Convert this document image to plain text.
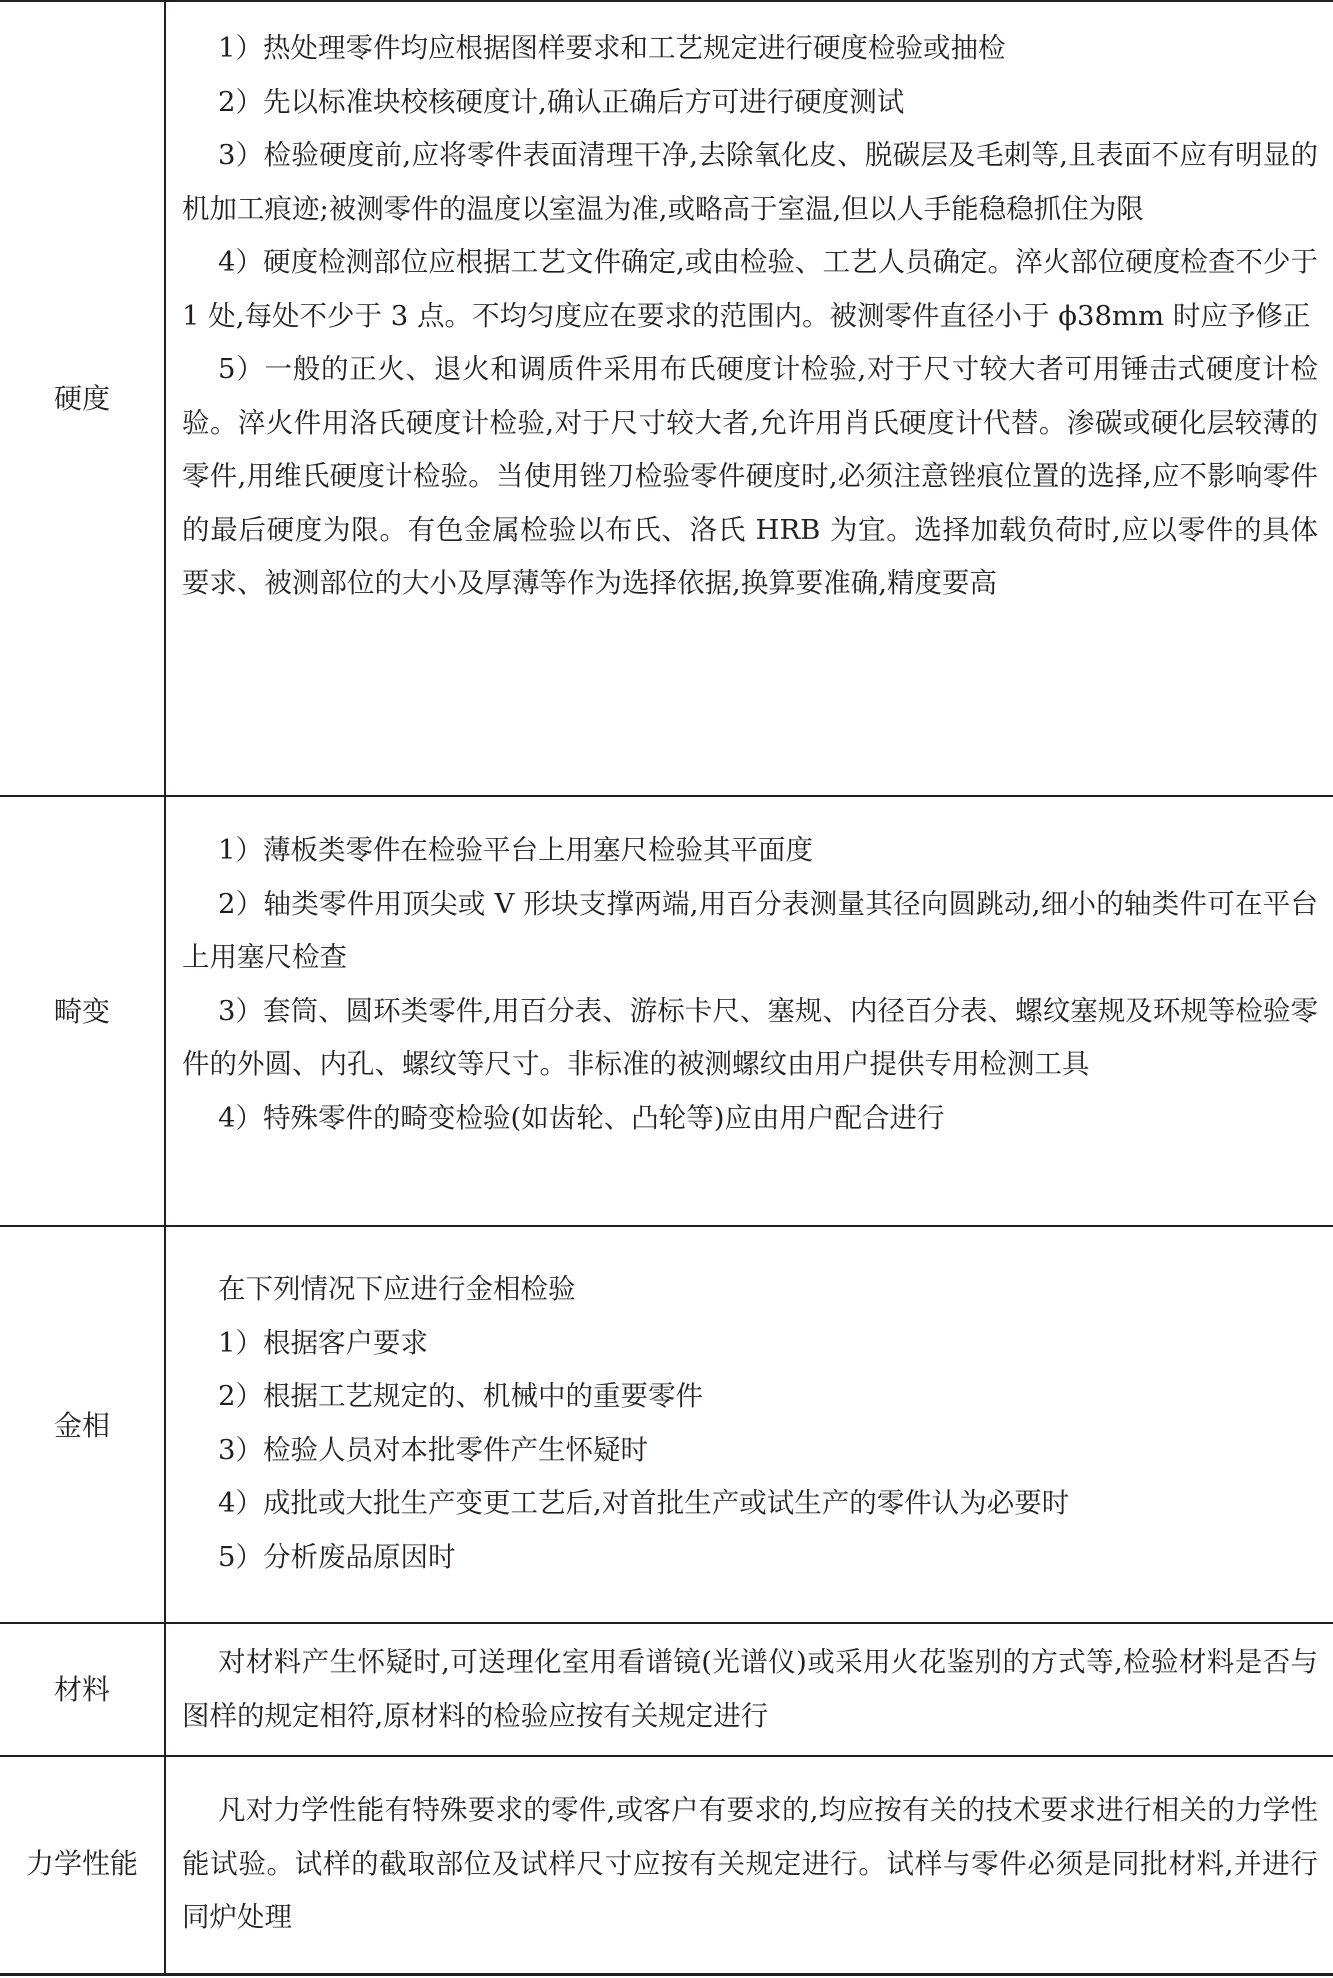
硬度

1）热处理零件均应根据图样要求和工艺规定进行硬度检验或抽检

2）先以标准块校核硬度计,确认正确后方可进行硬度测试

3）检验硬度前,应将零件表面清理干净,去除氧化皮、脱碳层及毛刺等,且表面不应有明显的机加工痕迹;被测零件的温度以室温为准,或略高于室温,但以人手能稳稳抓住为限

4）硬度检测部位应根据工艺文件确定,或由检验、工艺人员确定。淬火部位硬度检查不少于 1 处,每处不少于 3 点。不均匀度应在要求的范围内。被测零件直径小于 ϕ38mm 时应予修正

5）一般的正火、退火和调质件采用布氏硬度计检验,对于尺寸较大者可用锤击式硬度计检验。淬火件用洛氏硬度计检验,对于尺寸较大者,允许用肖氏硬度计代替。渗碳或硬化层较薄的零件,用维氏硬度计检验。当使用锉刀检验零件硬度时,必须注意锉痕位置的选择,应不影响零件的最后硬度为限。有色金属检验以布氏、洛氏 HRB 为宜。选择加载负荷时,应以零件的具体要求、被测部位的大小及厚薄等作为选择依据,换算要准确,精度要高

畸变

1）薄板类零件在检验平台上用塞尺检验其平面度

2）轴类零件用顶尖或 V 形块支撑两端,用百分表测量其径向圆跳动,细小的轴类件可在平台上用塞尺检查

3）套筒、圆环类零件,用百分表、游标卡尺、塞规、内径百分表、螺纹塞规及环规等检验零件的外圆、内孔、螺纹等尺寸。非标准的被测螺纹由用户提供专用检测工具

4）特殊零件的畸变检验(如齿轮、凸轮等)应由用户配合进行

金相

在下列情况下应进行金相检验

1）根据客户要求

2）根据工艺规定的、机械中的重要零件

3）检验人员对本批零件产生怀疑时

4）成批或大批生产变更工艺后,对首批生产或试生产的零件认为必要时

5）分析废品原因时

材料

对材料产生怀疑时,可送理化室用看谱镜(光谱仪)或采用火花鉴别的方式等,检验材料是否与图样的规定相符,原材料的检验应按有关规定进行

力学性能

凡对力学性能有特殊要求的零件,或客户有要求的,均应按有关的技术要求进行相关的力学性能试验。试样的截取部位及试样尺寸应按有关规定进行。试样与零件必须是同批材料,并进行同炉处理
